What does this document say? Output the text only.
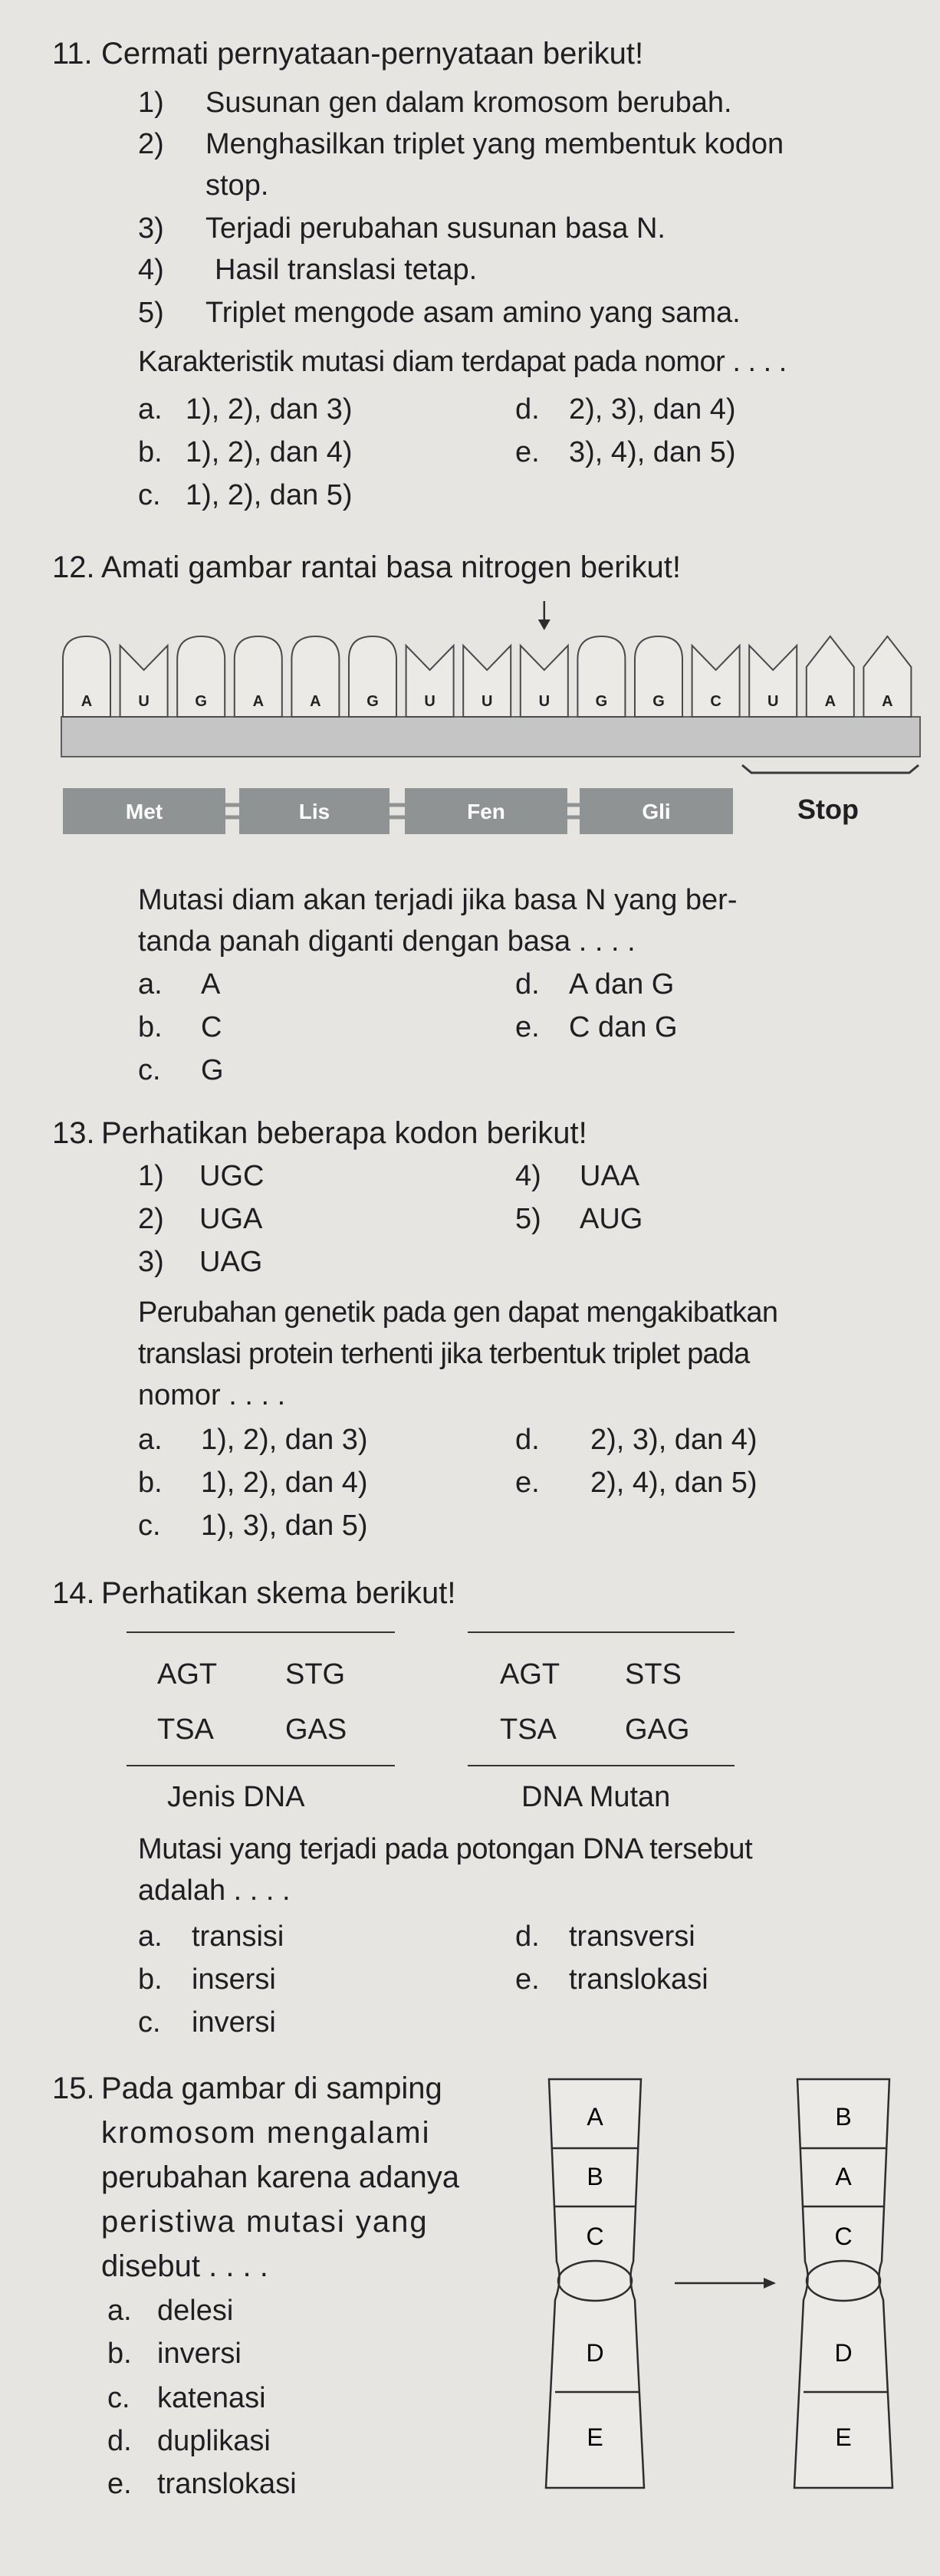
11. Cermati pernyataan-pernyataan berikut!
1) Susunan gen dalam kromosom berubah.
2) Menghasilkan triplet yang membentuk kodon
stop.
3) Terjadi perubahan susunan basa N.
4) Hasil translasi tetap.
5) Triplet mengode asam amino yang sama.
Karakteristik mutasi diam terdapat pada nomor . . . .
a. 1), 2), dan 3)
b. 1), 2), dan 4)
c. 1), 2), dan 5)
d. 2), 3), dan 4)
e. 3), 4), dan 5)
12. Amati gambar rantai basa nitrogen berikut!
A	U	G	A	A	G	U	U	U	G	G	C	U	A	A
Met	Lis	Fen	Gli	Stop
Mutasi diam akan terjadi jika basa N yang ber-
tanda panah diganti dengan basa . . . .
a. A
b. C
c. G
d. A dan G
e. C dan G
13. Perhatikan beberapa kodon berikut!
1) UGC
2) UGA
3) UAG
4) UAA
5) AUG
Perubahan genetik pada gen dapat mengakibatkan
translasi protein terhenti jika terbentuk triplet pada
nomor . . . .
a. 1), 2), dan 3)
b. 1), 2), dan 4)
c. 1), 3), dan 5)
d. 2), 3), dan 4)
e. 2), 4), dan 5)
14. Perhatikan skema berikut!
AGT STG
TSA GAS
Jenis DNA
AGT STS
TSA GAG
DNA Mutan
Mutasi yang terjadi pada potongan DNA tersebut
adalah . . . .
a. transisi
b. insersi
c. inversi
d. transversi
e. translokasi
15. Pada gambar di samping
kromosom mengalami
perubahan karena adanya
peristiwa mutasi yang
disebut . . . .
a. delesi
b. inversi
c. katenasi
d. duplikasi
e. translokasi
A
B
C
D
E
B
A
C
D
E
